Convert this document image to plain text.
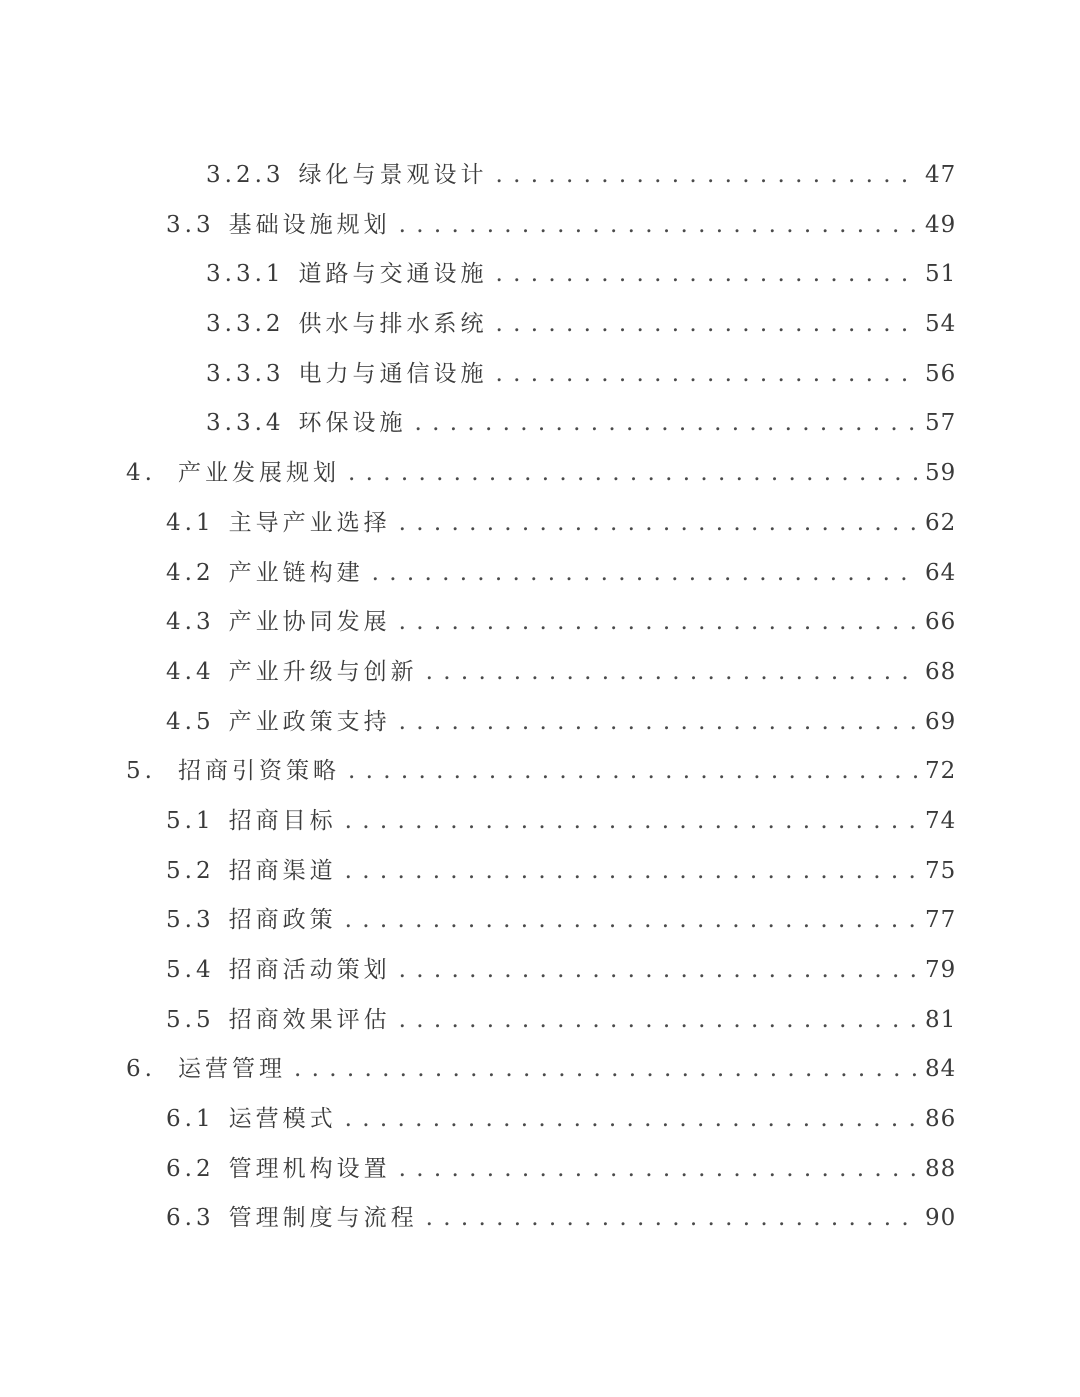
3.2.3 绿化与景观设计 . . .	47
3.3 基础设施规划 . . .	49
3.3.1 道路与交通设施 . . .	51
3.3.2 供水与排水系统 . . .	54
3.3.3 电力与通信设施 . . .	56
3.3.4 环保设施 . . .	57
4. 产业发展规划 . . .	59
4.1 主导产业选择 . . .	62
4.2 产业链构建 . . .	64
4.3 产业协同发展 . . .	66
4.4 产业升级与创新 . . .	68
4.5 产业政策支持 . . .	69
5. 招商引资策略 . . .	72
5.1 招商目标 . . .	74
5.2 招商渠道 . . .	75
5.3 招商政策 . . .	77
5.4 招商活动策划 . . .	79
5.5 招商效果评估 . . .	81
6. 运营管理 . . .	84
6.1 运营模式 . . .	86
6.2 管理机构设置 . . .	88
6.3 管理制度与流程 . . .	90
